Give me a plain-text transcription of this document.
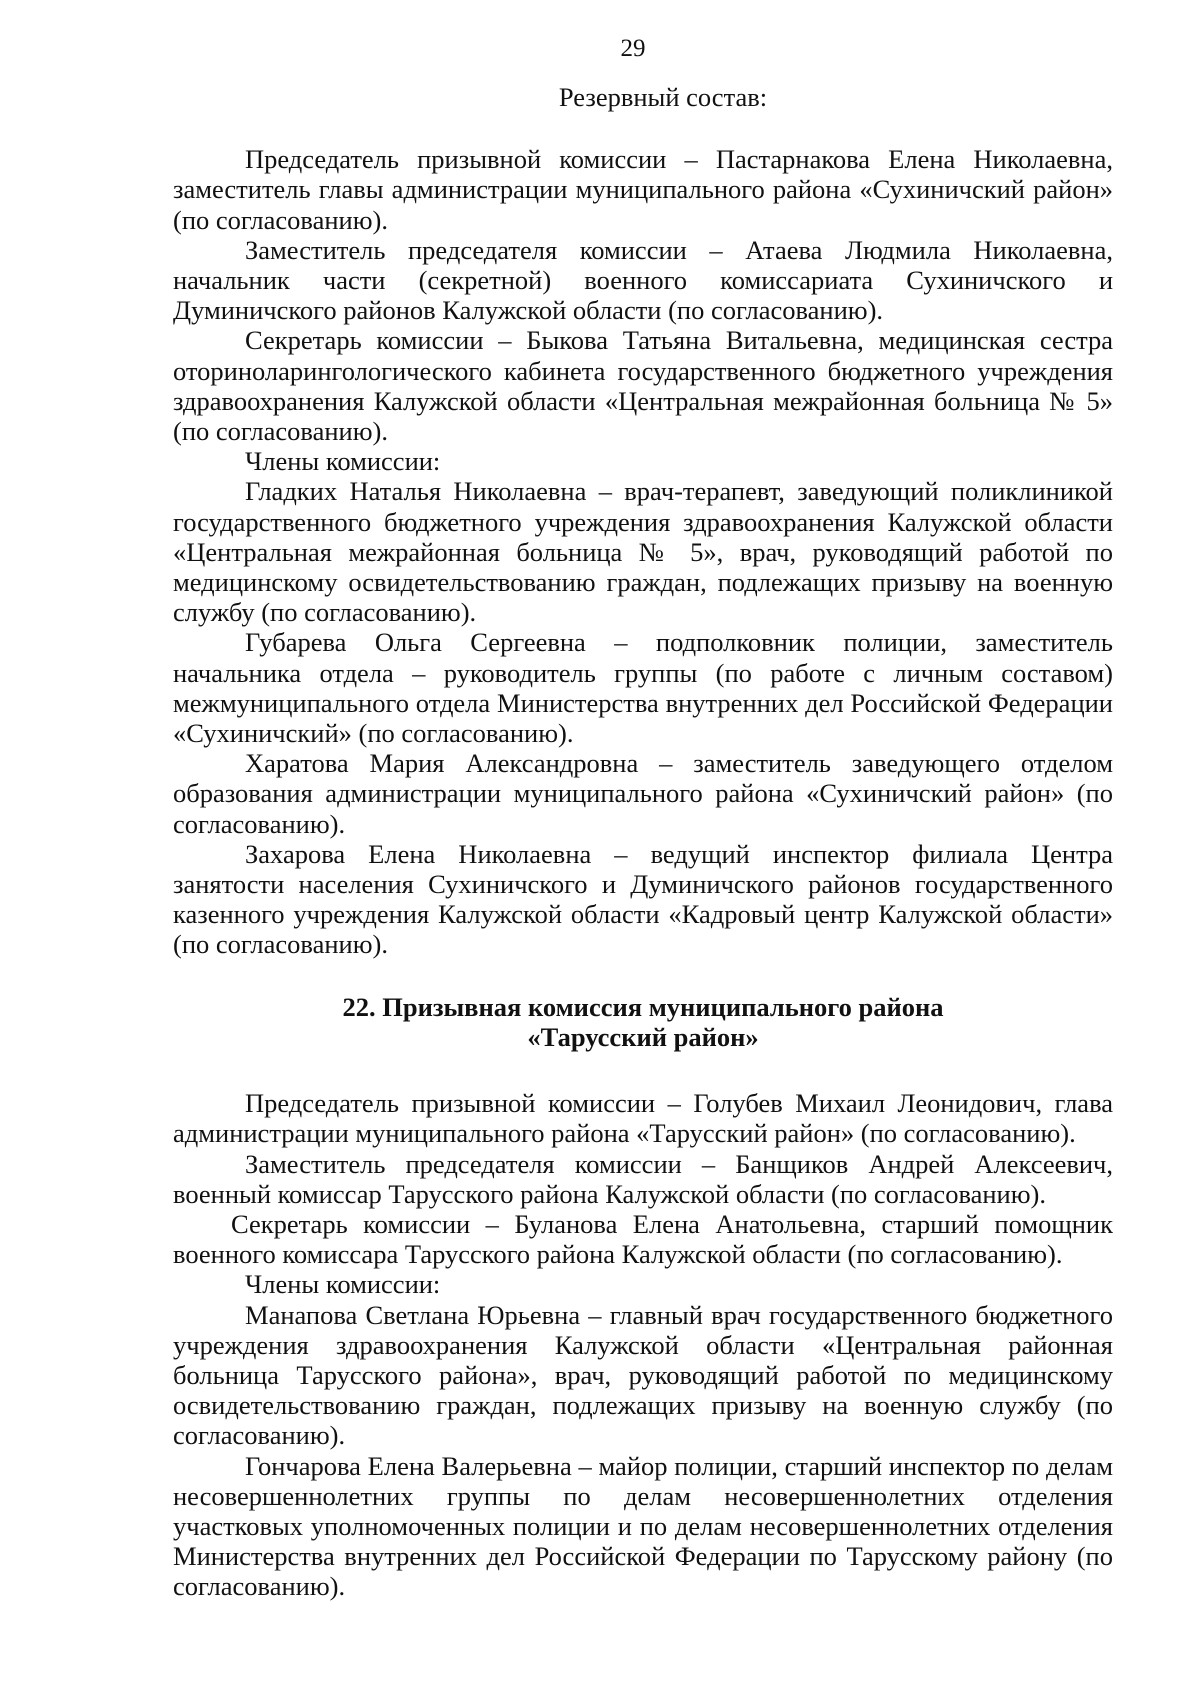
29

Резервный состав:

Председатель призывной комиссии – Пастарнакова Елена Николаевна, заместитель главы администрации муниципального района «Сухиничский район» (по согласованию).

Заместитель председателя комиссии – Атаева Людмила Николаевна, начальник части (секретной) военного комиссариата Сухиничского и Думиничского районов Калужской области (по согласованию).

Секретарь комиссии – Быкова Татьяна Витальевна, медицинская сестра оториноларингологического кабинета государственного бюджетного учреждения здравоохранения Калужской области «Центральная межрайонная больница № 5» (по согласованию).

Члены комиссии:

Гладких Наталья Николаевна – врач-терапевт, заведующий поликлиникой государственного бюджетного учреждения здравоохранения Калужской области «Центральная межрайонная больница № 5», врач, руководящий работой по медицинскому освидетельствованию граждан, подлежащих призыву на военную службу (по согласованию).

Губарева Ольга Сергеевна – подполковник полиции, заместитель начальника отдела – руководитель группы (по работе с личным составом) межмуниципального отдела Министерства внутренних дел Российской Федерации «Сухиничский» (по согласованию).

Харатова Мария Александровна – заместитель заведующего отделом образования администрации муниципального района «Сухиничский район» (по согласованию).

Захарова Елена Николаевна – ведущий инспектор филиала Центра занятости населения Сухиничского и Думиничского районов государственного казенного учреждения Калужской области «Кадровый центр Калужской области» (по согласованию).

22. Призывная комиссия муниципального района
«Тарусский район»

Председатель призывной комиссии – Голубев Михаил Леонидович, глава администрации муниципального района «Тарусский район» (по согласованию).

Заместитель председателя комиссии – Банщиков Андрей Алексеевич, военный комиссар Тарусского района Калужской области (по согласованию).

Секретарь комиссии – Буланова Елена Анатольевна, старший помощник военного комиссара Тарусского района Калужской области (по согласованию).

Члены комиссии:

Манапова Светлана Юрьевна – главный врач государственного бюджетного учреждения здравоохранения Калужской области «Центральная районная больница Тарусского района», врач, руководящий работой по медицинскому освидетельствованию граждан, подлежащих призыву на военную службу (по согласованию).

Гончарова Елена Валерьевна – майор полиции, старший инспектор по делам несовершеннолетних группы по делам несовершеннолетних отделения участковых уполномоченных полиции и по делам несовершеннолетних отделения Министерства внутренних дел Российской Федерации по Тарусскому району (по согласованию).
